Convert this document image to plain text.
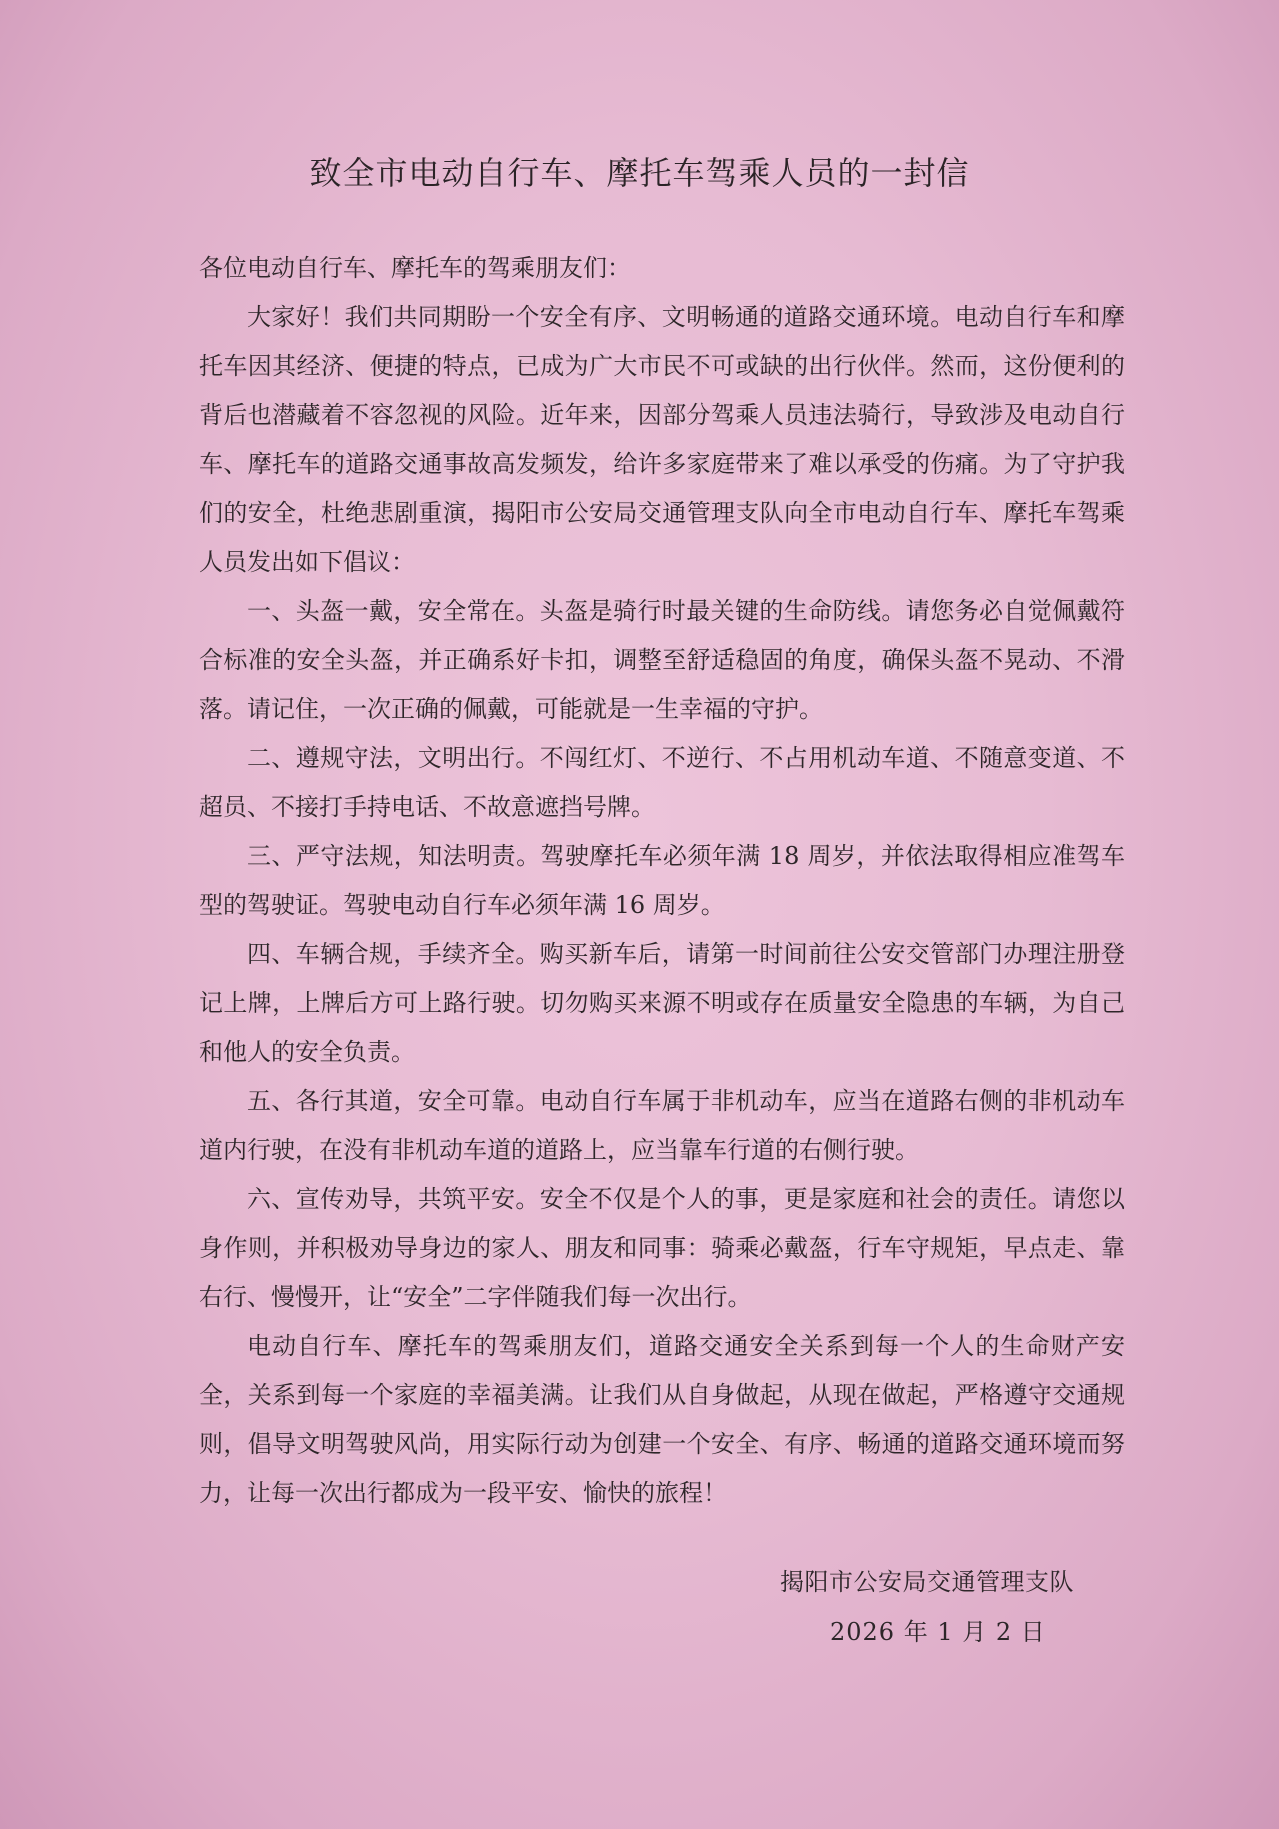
致全市电动自行车、摩托车驾乘人员的一封信

各位电动自行车、摩托车的驾乘朋友们：

大家好！我们共同期盼一个安全有序、文明畅通的道路交通环境。电动自行车和摩托车因其经济、便捷的特点，已成为广大市民不可或缺的出行伙伴。然而，这份便利的背后也潜藏着不容忽视的风险。近年来，因部分驾乘人员违法骑行，导致涉及电动自行车、摩托车的道路交通事故高发频发，给许多家庭带来了难以承受的伤痛。为了守护我们的安全，杜绝悲剧重演，揭阳市公安局交通管理支队向全市电动自行车、摩托车驾乘人员发出如下倡议：

一、头盔一戴，安全常在。头盔是骑行时最关键的生命防线。请您务必自觉佩戴符合标准的安全头盔，并正确系好卡扣，调整至舒适稳固的角度，确保头盔不晃动、不滑落。请记住，一次正确的佩戴，可能就是一生幸福的守护。

二、遵规守法，文明出行。不闯红灯、不逆行、不占用机动车道、不随意变道、不超员、不接打手持电话、不故意遮挡号牌。

三、严守法规，知法明责。驾驶摩托车必须年满 18 周岁，并依法取得相应准驾车型的驾驶证。驾驶电动自行车必须年满 16 周岁。

四、车辆合规，手续齐全。购买新车后，请第一时间前往公安交管部门办理注册登记上牌，上牌后方可上路行驶。切勿购买来源不明或存在质量安全隐患的车辆，为自己和他人的安全负责。

五、各行其道，安全可靠。电动自行车属于非机动车，应当在道路右侧的非机动车道内行驶，在没有非机动车道的道路上，应当靠车行道的右侧行驶。

六、宣传劝导，共筑平安。安全不仅是个人的事，更是家庭和社会的责任。请您以身作则，并积极劝导身边的家人、朋友和同事：骑乘必戴盔，行车守规矩，早点走、靠右行、慢慢开，让“安全”二字伴随我们每一次出行。

电动自行车、摩托车的驾乘朋友们，道路交通安全关系到每一个人的生命财产安全，关系到每一个家庭的幸福美满。让我们从自身做起，从现在做起，严格遵守交通规则，倡导文明驾驶风尚，用实际行动为创建一个安全、有序、畅通的道路交通环境而努力，让每一次出行都成为一段平安、愉快的旅程！

揭阳市公安局交通管理支队
2026 年 1 月 2 日
